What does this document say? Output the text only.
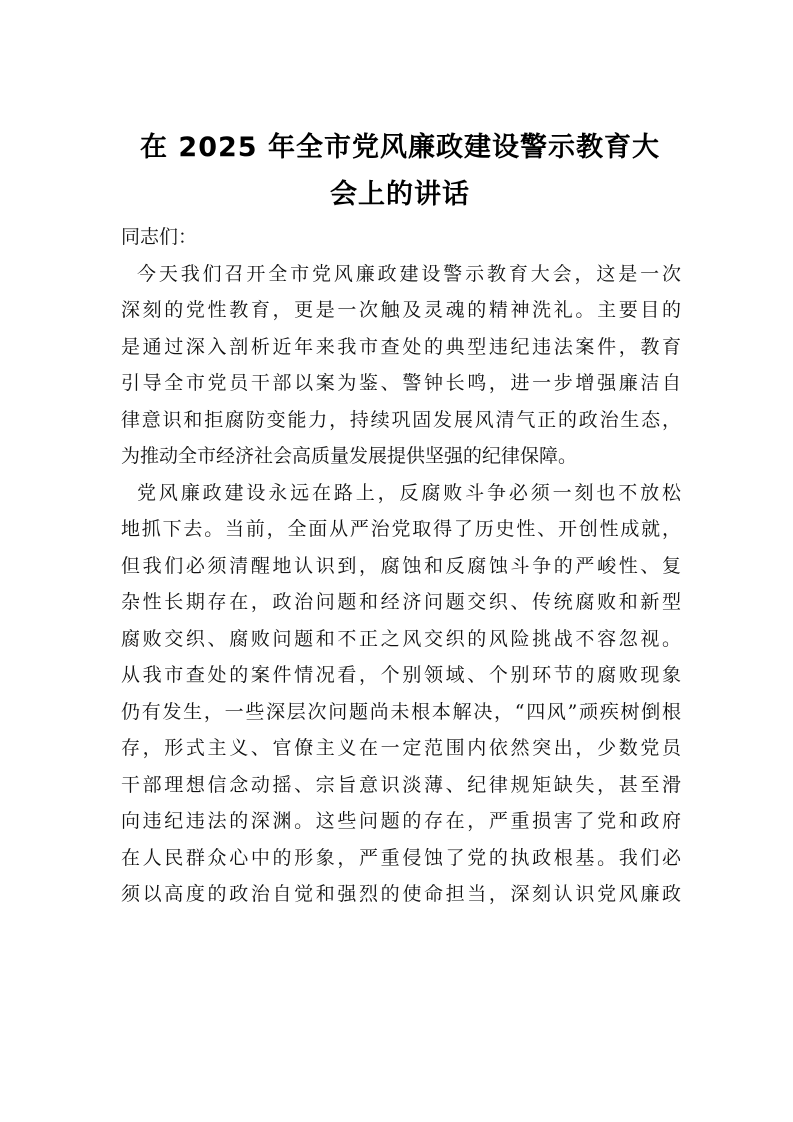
在 2025 年全市党风廉政建设警示教育大
会上的讲话
同志们：
今天我们召开全市党风廉政建设警示教育大会，这是一次
深刻的党性教育，更是一次触及灵魂的精神洗礼。主要目的
是通过深入剖析近年来我市查处的典型违纪违法案件，教育
引导全市党员干部以案为鉴、警钟长鸣，进一步增强廉洁自
律意识和拒腐防变能力，持续巩固发展风清气正的政治生态，
为推动全市经济社会高质量发展提供坚强的纪律保障。
党风廉政建设永远在路上，反腐败斗争必须一刻也不放松
地抓下去。当前，全面从严治党取得了历史性、开创性成就，
但我们必须清醒地认识到，腐蚀和反腐蚀斗争的严峻性、复
杂性长期存在，政治问题和经济问题交织、传统腐败和新型
腐败交织、腐败问题和不正之风交织的风险挑战不容忽视。
从我市查处的案件情况看，个别领域、个别环节的腐败现象
仍有发生，一些深层次问题尚未根本解决，“四风”顽疾树倒根
存，形式主义、官僚主义在一定范围内依然突出，少数党员
干部理想信念动摇、宗旨意识淡薄、纪律规矩缺失，甚至滑
向违纪违法的深渊。这些问题的存在，严重损害了党和政府
在人民群众心中的形象，严重侵蚀了党的执政根基。我们必
须以高度的政治自觉和强烈的使命担当，深刻认识党风廉政
